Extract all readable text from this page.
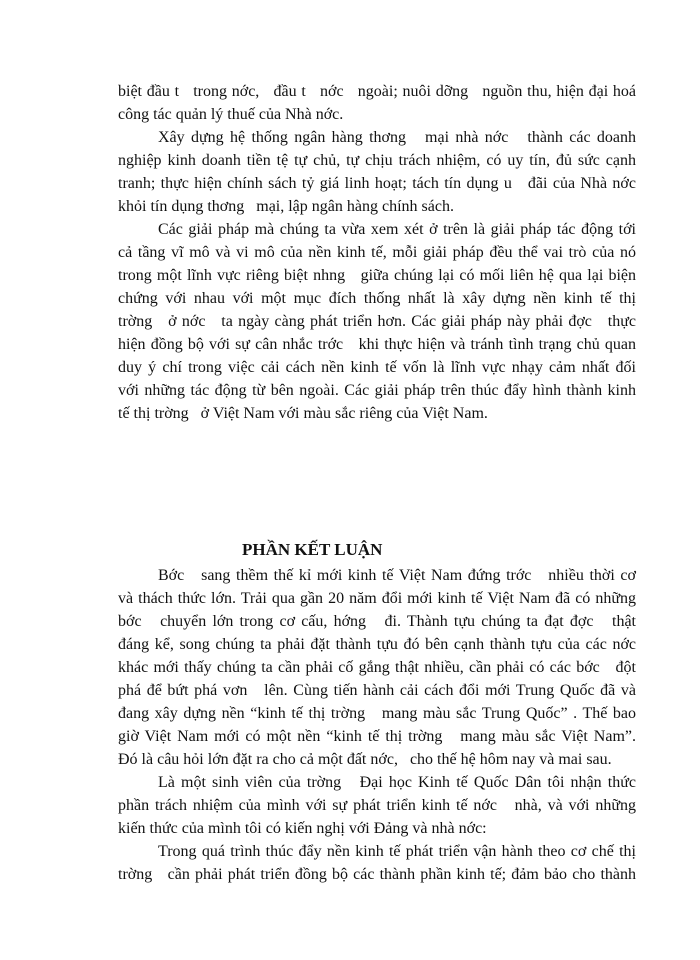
biệt đầu t   trong nớc,   đầu t   nớc   ngoài; nuôi dỡng   nguồn thu, hiện đại hoá
công tác quản lý thuế của Nhà nớc.
Xây dựng hệ thống ngân hàng thơng   mại nhà nớc   thành các doanh
nghiệp kinh doanh tiền tệ tự chủ, tự chịu trách nhiệm, có uy tín, đủ sức cạnh
tranh; thực hiện chính sách tỷ giá linh hoạt; tách tín dụng u   đãi của Nhà nớc
khỏi tín dụng thơng   mại, lập ngân hàng chính sách.
Các giải pháp mà chúng ta vừa xem xét ở trên là giải pháp tác động tới
cả tầng vĩ mô và vi mô của nền kinh tế, mỗi giải pháp đều thể vai trò của nó
trong một lĩnh vực riêng biệt nhng   giữa chúng lại có mối liên hệ qua lại biện
chứng với nhau với một mục đích thống nhất là xây dựng nền kinh tế thị
trờng   ở nớc   ta ngày càng phát triển hơn. Các giải pháp này phải đợc   thực
hiện đồng bộ với sự cân nhắc trớc   khi thực hiện và tránh tình trạng chủ quan
duy ý chí trong việc cải cách nền kinh tế vốn là lĩnh vực nhạy cảm nhất đối
với những tác động từ bên ngoài. Các giải pháp trên thúc đẩy hình thành kinh
tế thị trờng   ở Việt Nam với màu sắc riêng của Việt Nam.
PHẦN KẾT LUẬN
Bớc   sang thềm thế kỉ mới kinh tế Việt Nam đứng trớc   nhiều thời cơ
và thách thức lớn. Trải qua gần 20 năm đổi mới kinh tế Việt Nam đã có những
bớc   chuyển lớn trong cơ cấu, hớng   đi. Thành tựu chúng ta đạt đợc   thật
đáng kể, song chúng ta phải đặt thành tựu đó bên cạnh thành tựu của các nớc
khác mới thấy chúng ta cần phải cố gắng thật nhiều, cần phải có các bớc   đột
phá để bứt phá vơn   lên. Cùng tiến hành cải cách đổi mới Trung Quốc đã và
đang xây dựng nền “kinh tế thị trờng   mang màu sắc Trung Quốc” . Thế bao
giờ Việt Nam mới có một nền “kinh tế thị trờng   mang màu sắc Việt Nam”.
Đó là câu hỏi lớn đặt ra cho cả một đất nớc,   cho thế hệ hôm nay và mai sau.
Là một sinh viên của trờng   Đại học Kinh tế Quốc Dân tôi nhận thức
phần trách nhiệm của mình với sự phát triển kinh tế nớc   nhà, và với những
kiến thức của mình tôi có kiến nghị với Đảng và nhà nớc:
Trong quá trình thúc đẩy nền kinh tế phát triển vận hành theo cơ chế thị
trờng   cần phải phát triển đồng bộ các thành phần kinh tế; đảm bảo cho thành
